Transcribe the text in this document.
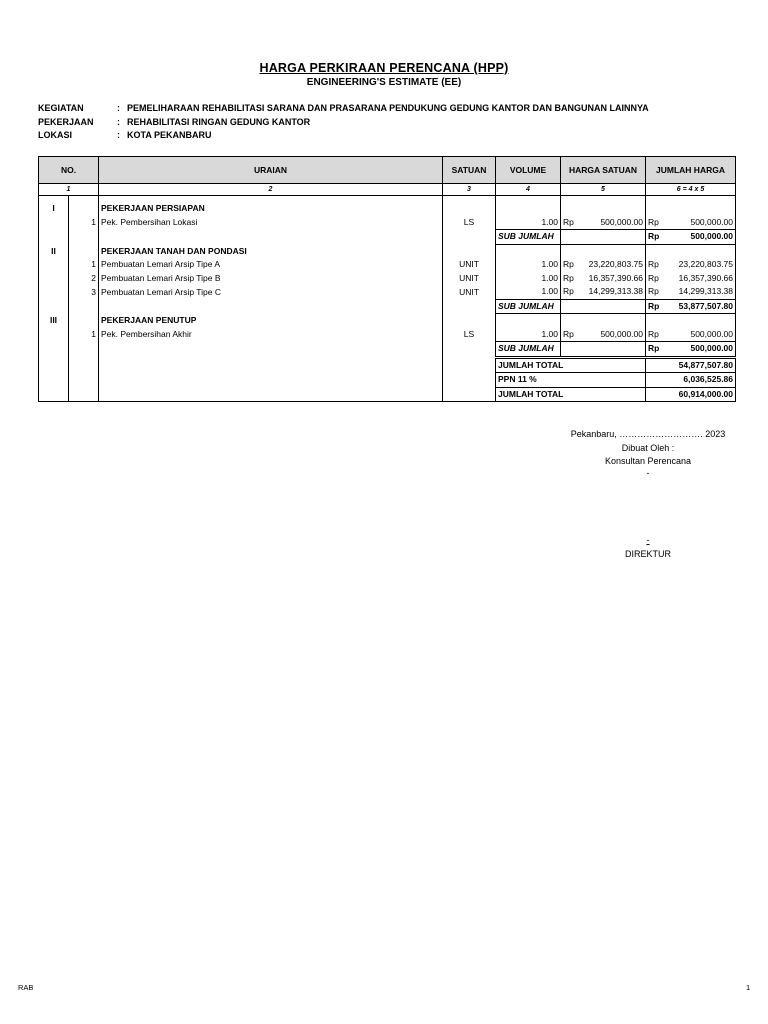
HARGA PERKIRAAN PERENCANA (HPP)
ENGINEERING'S ESTIMATE (EE)
KEGIATAN	: PEMELIHARAAN REHABILITASI SARANA DAN PRASARANA PENDUKUNG GEDUNG KANTOR DAN BANGUNAN LAINNYA
PEKERJAAN	: REHABILITASI RINGAN GEDUNG KANTOR
LOKASI	: KOTA PEKANBARU
NO.		URAIAN	SATUAN	VOLUME	HARGA SATUAN		JUMLAH HARGA	
1		2	3	4	5		6 = 4 x 5	

I		PEKERJAAN PERSIAPAN						
	1	Pek. Pembersihan Lokasi	LS	1.00	Rp	500,000.00	Rp	500,000.00
				SUB JUMLAH			Rp	500,000.00
II		PEKERJAAN TANAH DAN PONDASI						
	1	Pembuatan Lemari Arsip Tipe A	UNIT	1.00	Rp	23,220,803.75	Rp	23,220,803.75
	2	Pembuatan Lemari Arsip Tipe B	UNIT	1.00	Rp	16,357,390.66	Rp	16,357,390.66
	3	Pembuatan Lemari Arsip Tipe C	UNIT	1.00	Rp	14,299,313.38	Rp	14,299,313.38
				SUB JUMLAH			Rp	53,877,507.80
III		PEKERJAAN PENUTUP						
	1	Pek. Pembersihan Akhir	LS	1.00	Rp	500,000.00	Rp	500,000.00
				SUB JUMLAH			Rp	500,000.00
				JUMLAH TOTAL			54,877,507.80	
				PPN 11 %			6,036,525.86	
				JUMLAH TOTAL			60,914,000.00	
Pekanbaru, ………………………. 2023
Dibuat Oleh :
Konsultan Perencana
-
-
DIREKTUR
RAB	1
